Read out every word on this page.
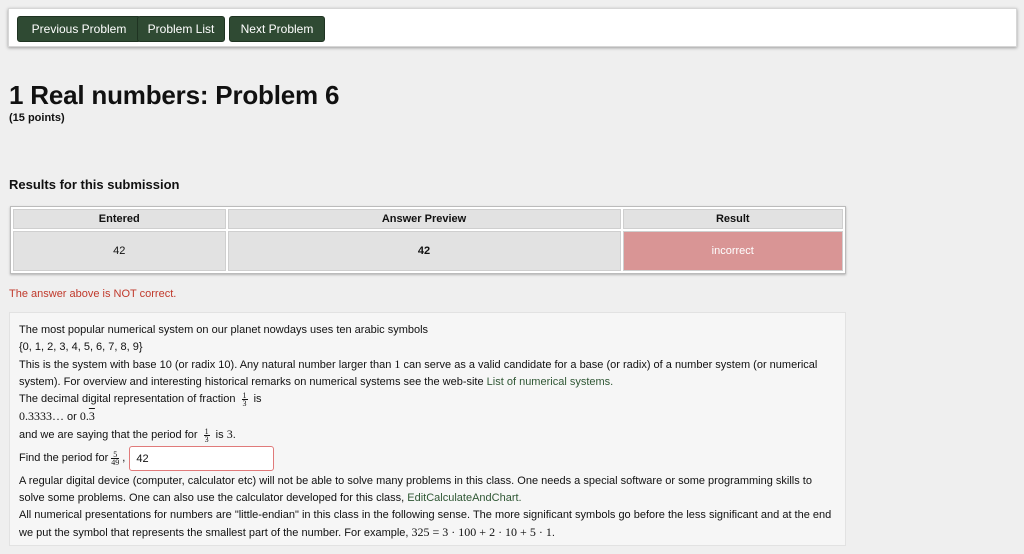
Previous Problem	Problem List	Next Problem
1 Real numbers: Problem 6
(15 points)
Results for this submission
Entered	Answer Preview	Result
42	42	incorrect
The answer above is NOT correct.

The most popular numerical system on our planet nowdays uses ten arabic symbols

{0, 1, 2, 3, 4, 5, 6, 7, 8, 9}

This is the system with base 10 (or radix 10). Any natural number larger than 1 can serve as a valid candidate for a base (or radix) of a number system (or numerical system). For overview and interesting historical remarks on numerical systems see the web-site List of numerical systems.

The decimal digital representation of fraction $\frac{1}{3}$ is

0.3333… or 0.3

and we are saying that the period for $\frac{1}{3}$ is 3.

Find the period for $\frac{5}{49}$ ,
42

A regular digital device (computer, calculator etc) will not be able to solve many problems in this class. One needs a special software or some programming skills to solve some problems. One can also use the calculator developed for this class, EditCalculateAndChart.

All numerical presentations for numbers are "little-endian" in this class in the following sense. The more significant symbols go before the less significant and at the end we put the symbol that represents the smallest part of the number. For example, 325 = 3 · 100 + 2 · 10 + 5 · 1.
